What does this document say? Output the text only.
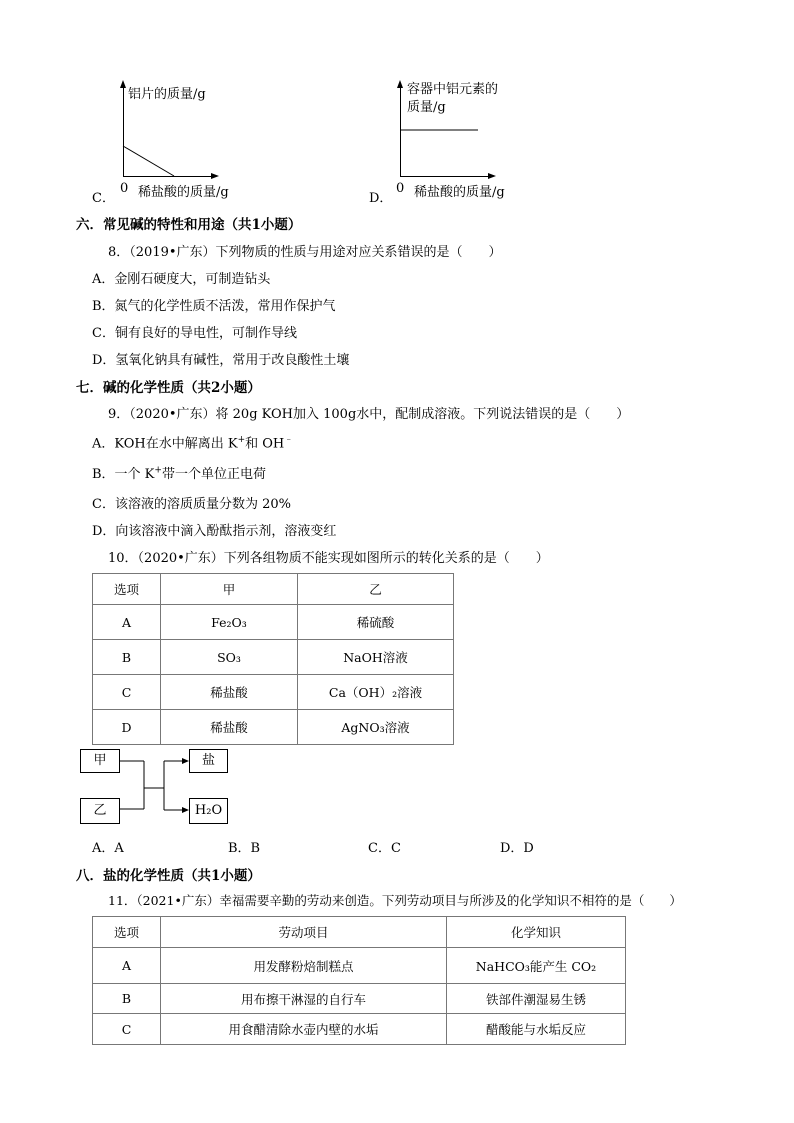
铝片的质量/g
C．
0 稀盐酸的质量/g
容器中铝元素的
质量/g
D．
0 稀盐酸的质量/g
六．常见碱的特性和用途（共1小题）
8．（2019•广东）下列物质的性质与用途对应关系错误的是（　　）
A．金刚石硬度大，可制造钻头
B．氮气的化学性质不活泼，常用作保护气
C．铜有良好的导电性，可制作导线
D．氢氧化钠具有碱性，常用于改良酸性土壤
七．碱的化学性质（共2小题）
9．（2020•广东）将 20g KOH加入 100g水中，配制成溶液。下列说法错误的是（　　）
A．KOH在水中解离出 K+和 OH﹣
B．一个 K+带一个单位正电荷
C．该溶液的溶质质量分数为 20%
D．向该溶液中滴入酚酞指示剂，溶液变红
10．（2020•广东）下列各组物质不能实现如图所示的转化关系的是（　　）
选项	甲	乙
A	Fe₂O₃	稀硫酸
B	SO₃	NaOH溶液
C	稀盐酸	Ca（OH）₂溶液
D	稀盐酸	AgNO₃溶液
甲
乙
盐
H₂O
A．A	B．B	C．C	D．D
八．盐的化学性质（共1小题）
11．（2021•广东）幸福需要辛勤的劳动来创造。下列劳动项目与所涉及的化学知识不相符的是（　　）
选项	劳动项目	化学知识
A	用发酵粉焙制糕点	NaHCO₃能产生 CO₂
B	用布擦干淋湿的自行车	铁部件潮湿易生锈
C	用食醋清除水壶内壁的水垢	醋酸能与水垢反应
